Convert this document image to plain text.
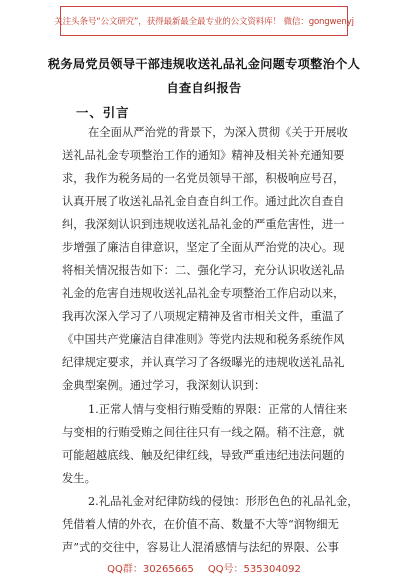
关注头条号“公文研究”，获得最新最全最专业的公文资料库！ 微信：gongwenyj
税务局党员领导干部违规收送礼品礼金问题专项整治个人
自查自纠报告
一、引言
在全面从严治党的背景下，为深入贯彻《关于开展收
送礼品礼金专项整治工作的通知》精神及相关补充通知要
求，我作为税务局的一名党员领导干部，积极响应号召，
认真开展了收送礼品礼金自查自纠工作。通过此次自查自
纠，我深刻认识到违规收送礼品礼金的严重危害性，进一
步增强了廉洁自律意识，坚定了全面从严治党的决心。现
将相关情况报告如下：二、强化学习，充分认识收送礼品
礼金的危害自违规收送礼品礼金专项整治工作启动以来，
我再次深入学习了八项规定精神及省市相关文件，重温了
《中国共产党廉洁自律准则》等党内法规和税务系统作风
纪律规定要求，并认真学习了各级曝光的违规收送礼品礼
金典型案例。通过学习，我深刻认识到：
1.正常人情与变相行贿受贿的界限：正常的人情往来
与变相的行贿受贿之间往往只有一线之隔。稍不注意，就
可能超越底线、触及纪律红线，导致严重违纪违法问题的
发生。
2.礼品礼金对纪律防线的侵蚀：形形色色的礼品礼金，
凭借着人情的外衣，在价值不高、数量不大等“润物细无
声”式的交往中，容易让人混淆感情与法纪的界限、公事
QQ群：30265665 QQ号：535304092
